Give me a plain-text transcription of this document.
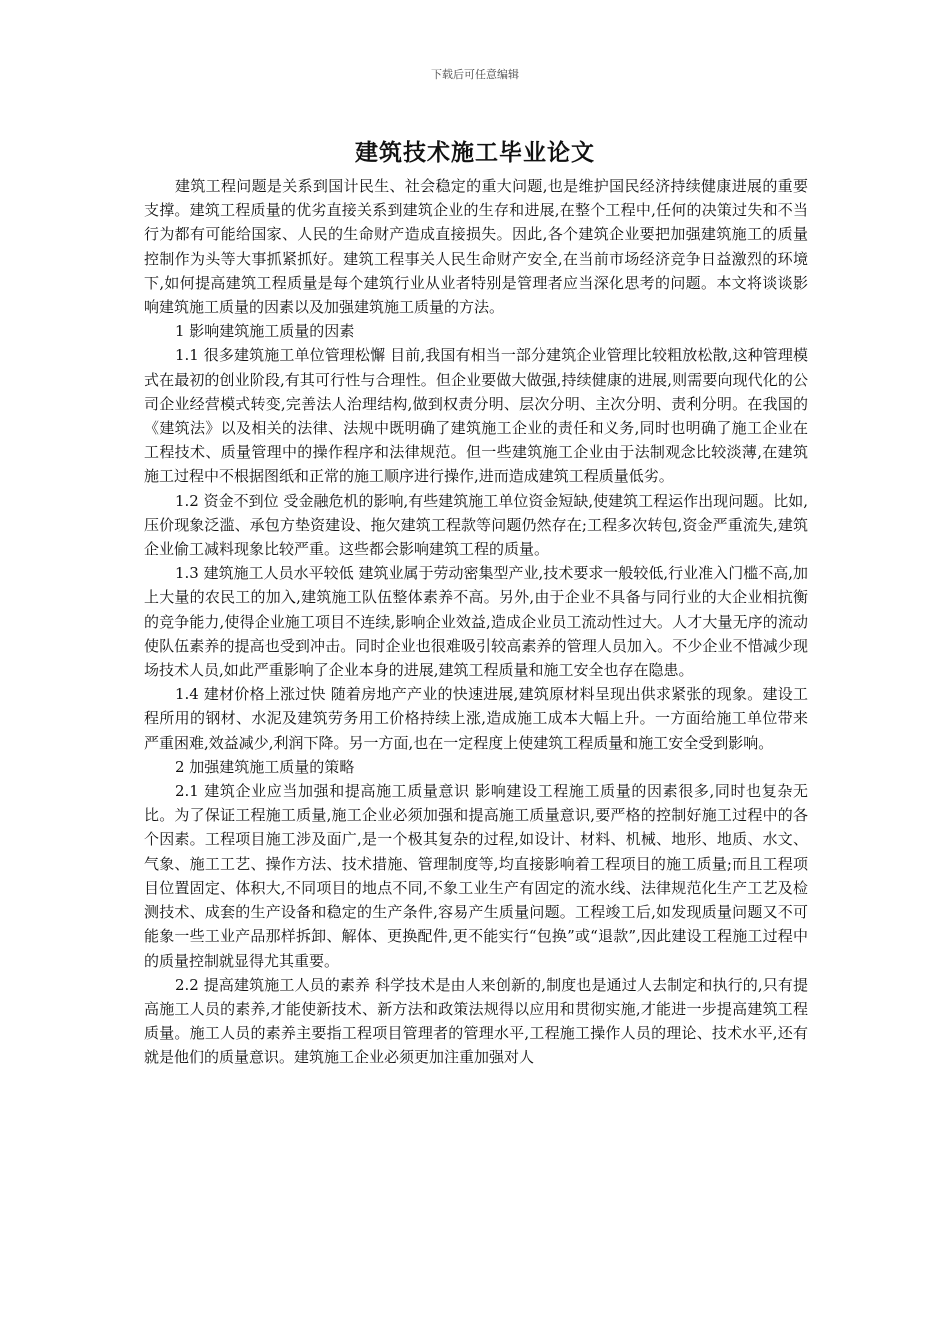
下载后可任意编辑
建筑技术施工毕业论文

建筑工程问题是关系到国计民生、社会稳定的重大问题,也是维护国民经济持续健康进展的重要支撑。建筑工程质量的优劣直接关系到建筑企业的生存和进展,在整个工程中,任何的决策过失和不当行为都有可能给国家、人民的生命财产造成直接损失。因此,各个建筑企业要把加强建筑施工的质量控制作为头等大事抓紧抓好。建筑工程事关人民生命财产安全,在当前市场经济竞争日益激烈的环境下,如何提高建筑工程质量是每个建筑行业从业者特别是管理者应当深化思考的问题。本文将谈谈影响建筑施工质量的因素以及加强建筑施工质量的方法。

1 影响建筑施工质量的因素

1.1 很多建筑施工单位管理松懈 目前,我国有相当一部分建筑企业管理比较粗放松散,这种管理模式在最初的创业阶段,有其可行性与合理性。但企业要做大做强,持续健康的进展,则需要向现代化的公司企业经营模式转变,完善法人治理结构,做到权责分明、层次分明、主次分明、责利分明。在我国的《建筑法》以及相关的法律、法规中既明确了建筑施工企业的责任和义务,同时也明确了施工企业在工程技术、质量管理中的操作程序和法律规范。但一些建筑施工企业由于法制观念比较淡薄,在建筑施工过程中不根据图纸和正常的施工顺序进行操作,进而造成建筑工程质量低劣。

1.2 资金不到位 受金融危机的影响,有些建筑施工单位资金短缺,使建筑工程运作出现问题。比如,压价现象泛滥、承包方垫资建设、拖欠建筑工程款等问题仍然存在;工程多次转包,资金严重流失,建筑企业偷工减料现象比较严重。这些都会影响建筑工程的质量。

1.3 建筑施工人员水平较低 建筑业属于劳动密集型产业,技术要求一般较低,行业准入门槛不高,加上大量的农民工的加入,建筑施工队伍整体素养不高。另外,由于企业不具备与同行业的大企业相抗衡的竞争能力,使得企业施工项目不连续,影响企业效益,造成企业员工流动性过大。人才大量无序的流动使队伍素养的提高也受到冲击。同时企业也很难吸引较高素养的管理人员加入。不少企业不惜减少现场技术人员,如此严重影响了企业本身的进展,建筑工程质量和施工安全也存在隐患。

1.4 建材价格上涨过快 随着房地产产业的快速进展,建筑原材料呈现出供求紧张的现象。建设工程所用的钢材、水泥及建筑劳务用工价格持续上涨,造成施工成本大幅上升。一方面给施工单位带来严重困难,效益减少,利润下降。另一方面,也在一定程度上使建筑工程质量和施工安全受到影响。

2 加强建筑施工质量的策略

2.1 建筑企业应当加强和提高施工质量意识 影响建设工程施工质量的因素很多,同时也复杂无比。为了保证工程施工质量,施工企业必须加强和提高施工质量意识,要严格的控制好施工过程中的各个因素。工程项目施工涉及面广,是一个极其复杂的过程,如设计、材料、机械、地形、地质、水文、气象、施工工艺、操作方法、技术措施、管理制度等,均直接影响着工程项目的施工质量;而且工程项目位置固定、体积大,不同项目的地点不同,不象工业生产有固定的流水线、法律规范化生产工艺及检测技术、成套的生产设备和稳定的生产条件,容易产生质量问题。工程竣工后,如发现质量问题又不可能象一些工业产品那样拆卸、解体、更换配件,更不能实行“包换”或“退款”,因此建设工程施工过程中的质量控制就显得尤其重要。

2.2 提高建筑施工人员的素养 科学技术是由人来创新的,制度也是通过人去制定和执行的,只有提高施工人员的素养,才能使新技术、新方法和政策法规得以应用和贯彻实施,才能进一步提高建筑工程质量。施工人员的素养主要指工程项目管理者的管理水平,工程施工操作人员的理论、技术水平,还有就是他们的质量意识。建筑施工企业必须更加注重加强对人
